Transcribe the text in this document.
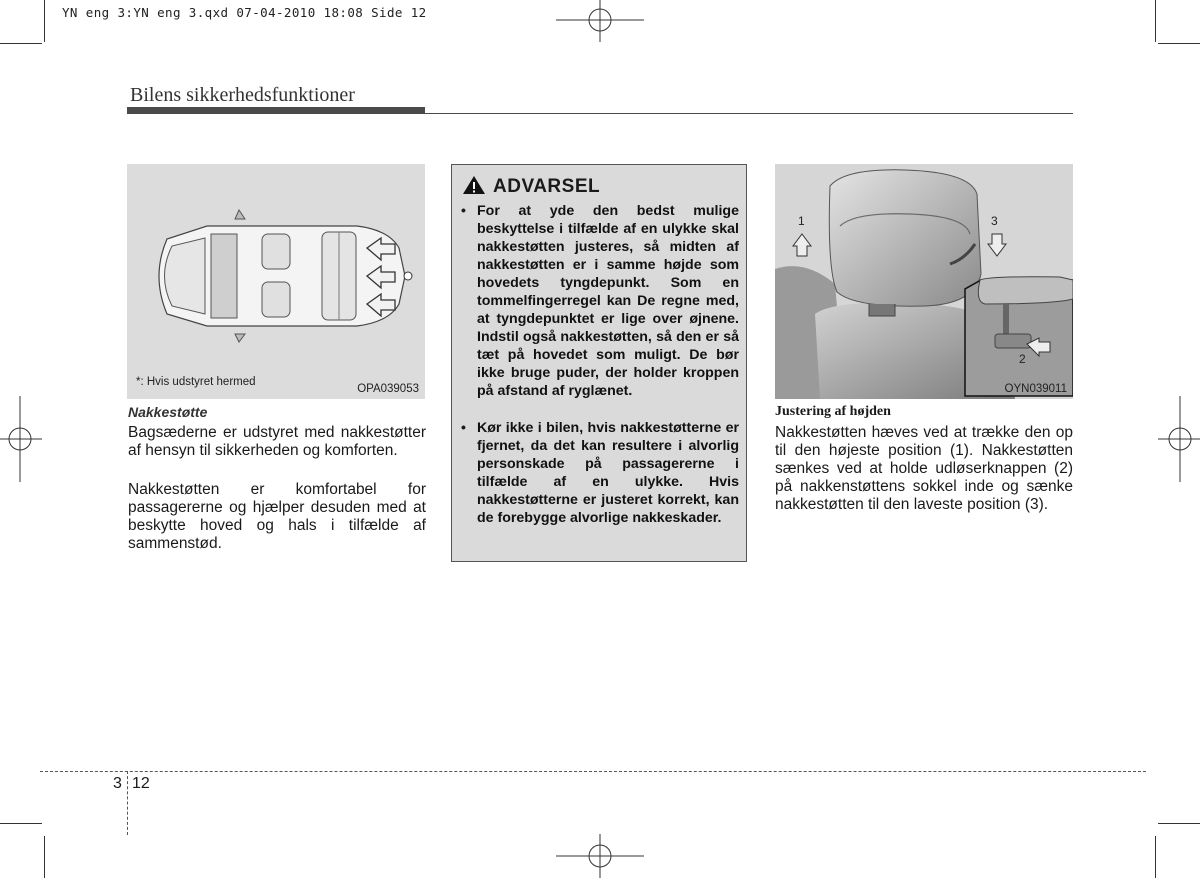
YN eng 3:YN eng 3.qxd 07-04-2010 18:08 Side 12
Bilens sikkerhedsfunktioner
*: Hvis udstyret hermed
OPA039053
Nakkestøtte

Bagsæderne er udstyret med nakkestøtter af hensyn til sikkerheden og komforten.

Nakkestøtten er komfortabel for passagererne og hjælper desuden med at beskytte hoved og hals i tilfælde af sammenstød.

ADVARSEL
• For at yde den bedst mulige beskyttelse i tilfælde af en ulykke skal nakkestøtten justeres, så midten af nakkestøtten er i samme højde som hovedets tyngdepunkt. Som en tommelfingerregel kan De regne med, at tyngdepunktet er lige over øjnene. Indstil også nakkestøtten, så den er så tæt på hovedet som muligt. De bør ikke bruge puder, der holder kroppen på afstand af ryglænet.

• Kør ikke i bilen, hvis nakkestøtterne er fjernet, da det kan resultere i alvorlig personskade på passagererne i tilfælde af en ulykke. Hvis nakkestøtterne er justeret korrekt, kan de forebygge alvorlige nakkeskader.

1
2
3
OYN039011
Justering af højden

Nakkestøtten hæves ved at trække den op til den højeste position (1). Nakkestøtten sænkes ved at holde udløserknappen (2) på nakkenstøttens sokkel inde og sænke nakkestøtten til den laveste position (3).

3 12
